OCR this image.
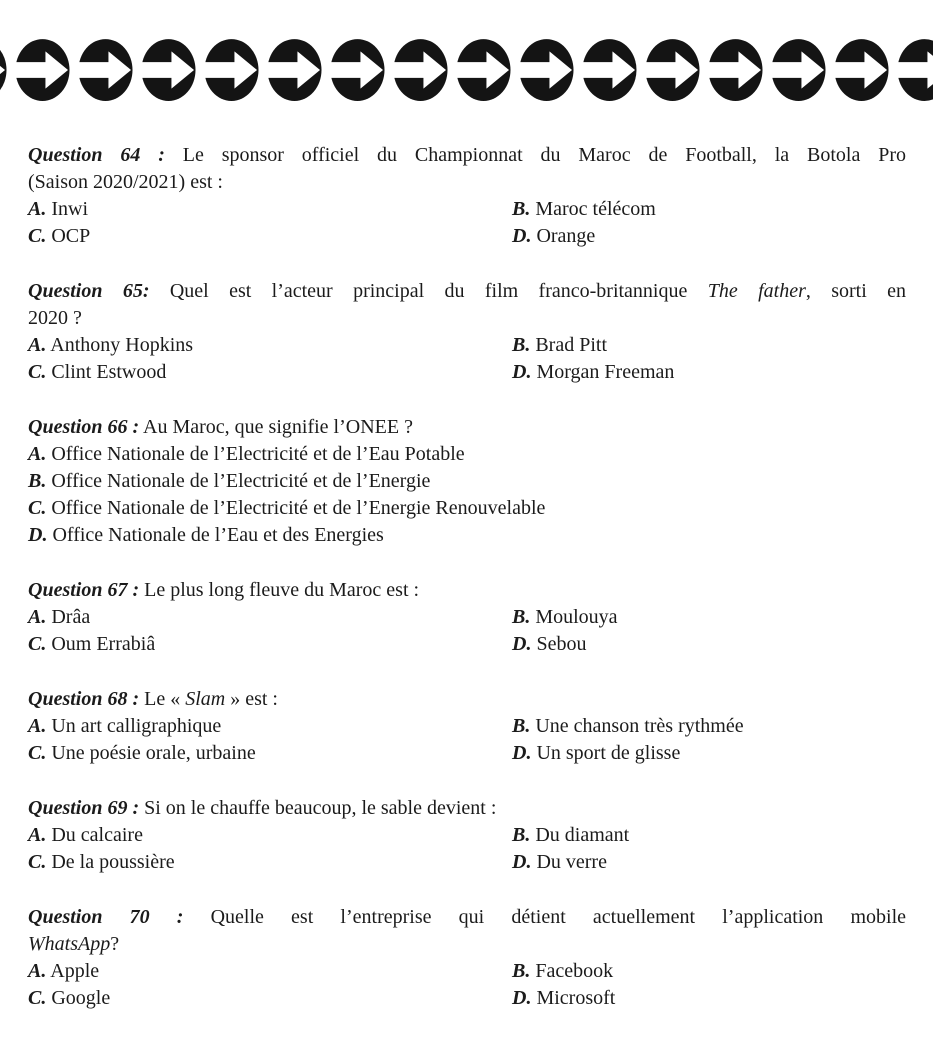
Question 64 : Le sponsor officiel du Championnat du Maroc de Football, la Botola Pro
(Saison 2020/2021) est :

A. Inwi	B. Maroc télécom
C. OCP	D. Orange

Question 65: Quel est l’acteur principal du film franco-britannique The father, sorti en
2020 ?

A. Anthony Hopkins	B. Brad Pitt
C. Clint Estwood	D. Morgan Freeman

Question 66 : Au Maroc, que signifie l’ONEE ?

A. Office Nationale de l’Electricité et de l’Eau Potable
B. Office Nationale de l’Electricité et de l’Energie
C. Office Nationale de l’Electricité et de l’Energie Renouvelable
D. Office Nationale de l’Eau et des Energies

Question 67 : Le plus long fleuve du Maroc est :

A. Drâa	B. Moulouya
C. Oum Errabiâ	D. Sebou

Question 68 : Le « Slam » est :

A. Un art calligraphique	B. Une chanson très rythmée
C. Une poésie orale, urbaine	D. Un sport de glisse

Question 69 : Si on le chauffe beaucoup, le sable devient :

A. Du calcaire	B. Du diamant
C. De la poussière	D. Du verre

Question 70 : Quelle est l’entreprise qui détient actuellement l’application mobile
WhatsApp?

A. Apple	B. Facebook
C. Google	D. Microsoft
